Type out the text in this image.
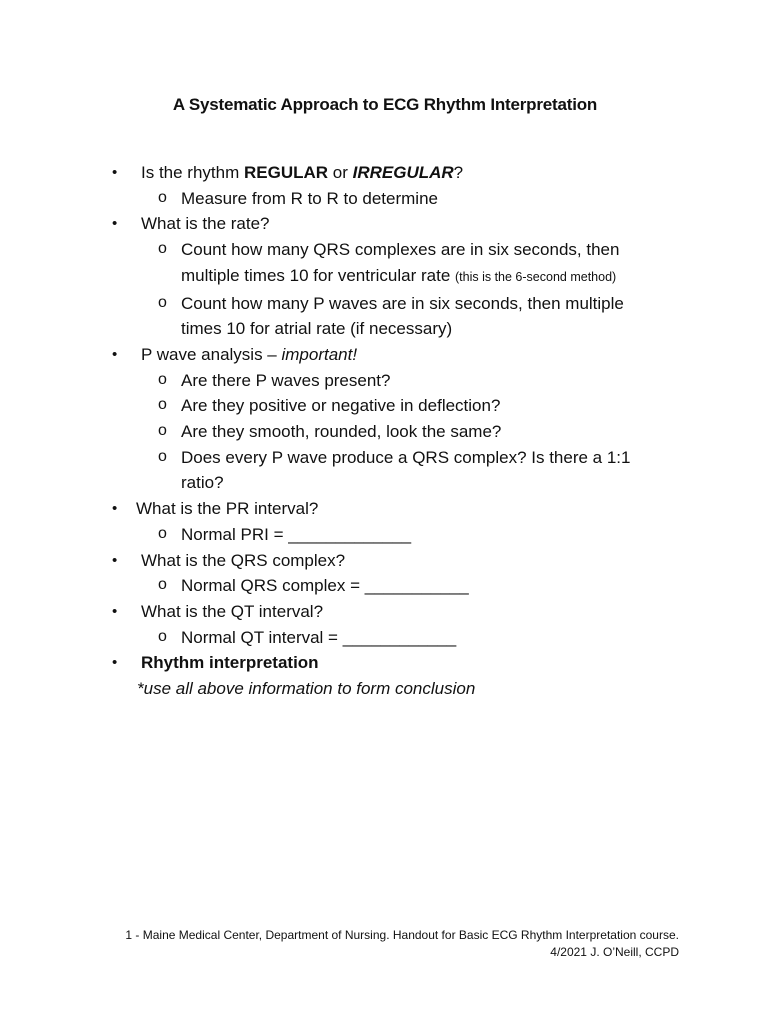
A Systematic Approach to ECG Rhythm Interpretation
• Is the rhythm REGULAR or IRREGULAR?
o Measure from R to R to determine
• What is the rate?
o Count how many QRS complexes are in six seconds, then
multiple times 10 for ventricular rate (this is the 6-second method)
o Count how many P waves are in six seconds, then multiple
times 10 for atrial rate (if necessary)
• P wave analysis – important!
o Are there P waves present?
o Are they positive or negative in deflection?
o Are they smooth, rounded, look the same?
o Does every P wave produce a QRS complex? Is there a 1:1
ratio?
• What is the PR interval?
o Normal PRI = _____________
• What is the QRS complex?
o Normal QRS complex = ___________
• What is the QT interval?
o Normal QT interval = ____________
• Rhythm interpretation
*use all above information to form conclusion
1 - Maine Medical Center, Department of Nursing. Handout for Basic ECG Rhythm Interpretation course.
4/2021 J. O’Neill, CCPD
